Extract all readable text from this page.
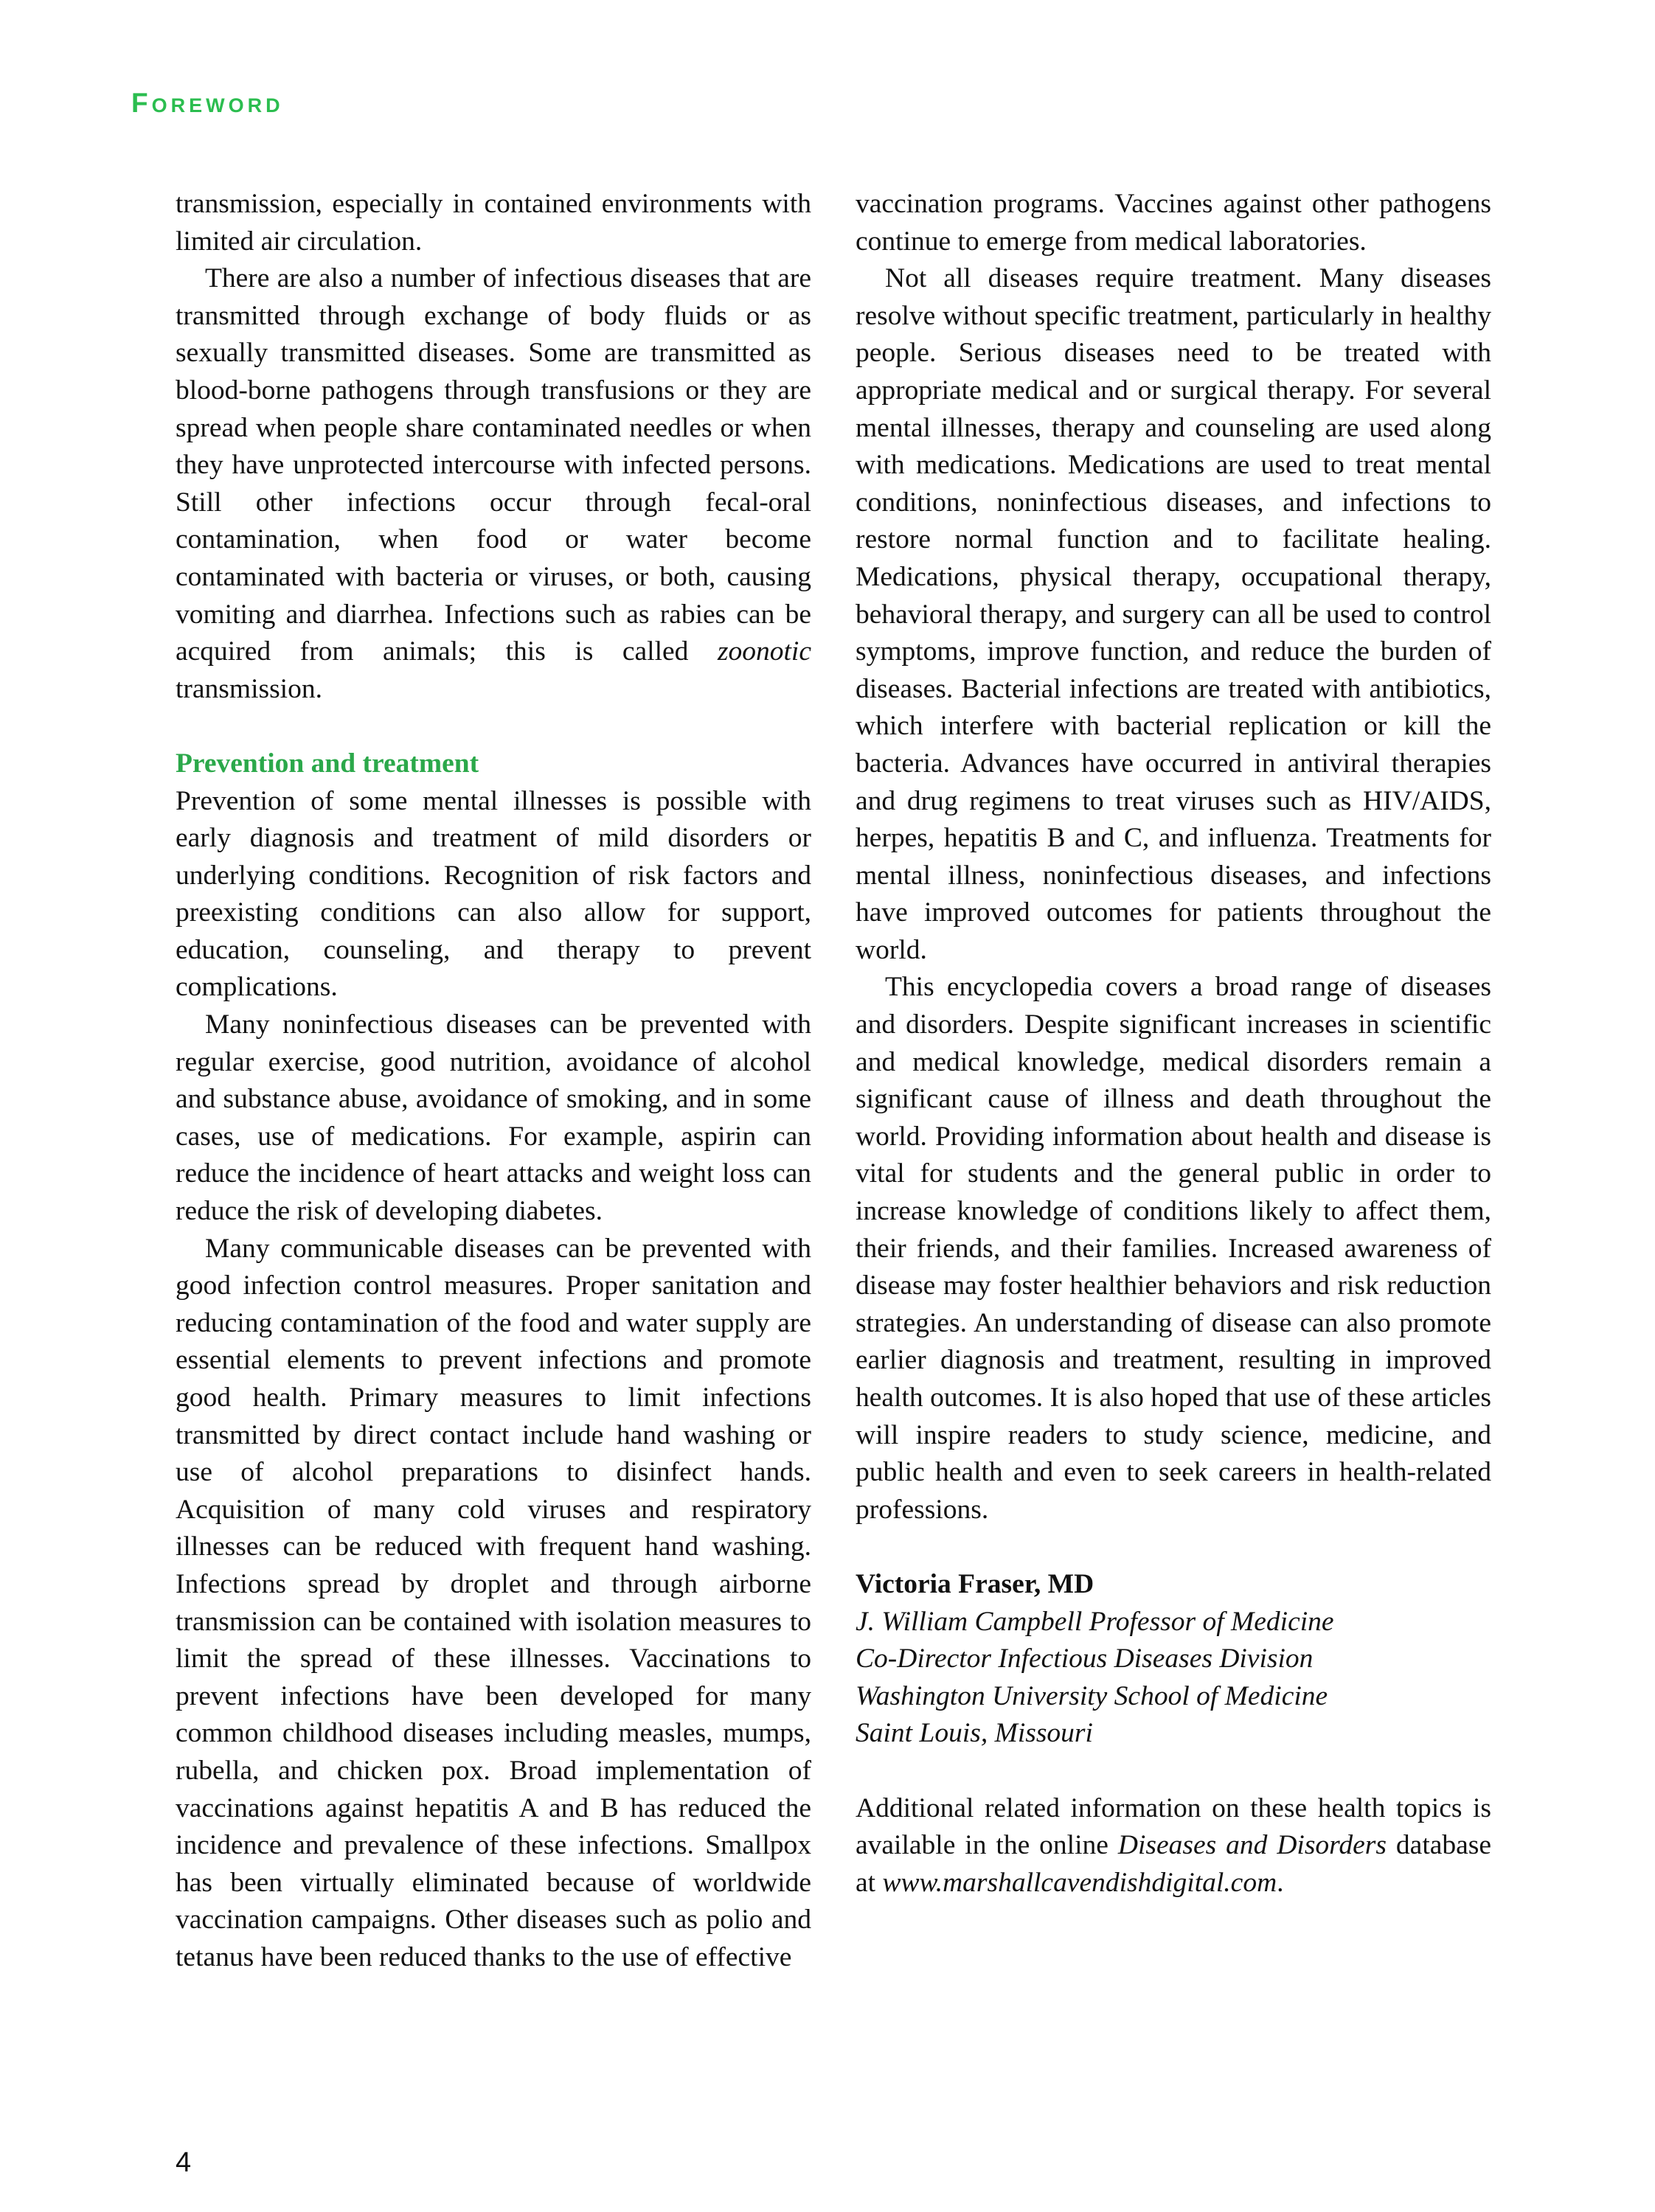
FOREWORD

transmission, especially in contained environments with limited air circulation.

There are also a number of infectious diseases that are transmitted through exchange of body fluids or as sexually transmitted diseases. Some are transmitted as blood-borne pathogens through transfusions or they are spread when people share contaminated needles or when they have unprotected intercourse with infected persons. Still other infections occur through fecal-oral contamination, when food or water become contaminated with bacteria or viruses, or both, causing vomiting and diarrhea. Infections such as rabies can be acquired from animals; this is called zoonotic transmission.

Prevention and treatment

Prevention of some mental illnesses is possible with early diagnosis and treatment of mild disorders or underlying conditions. Recognition of risk factors and preexisting conditions can also allow for support, education, counseling, and therapy to prevent complications.

Many noninfectious diseases can be prevented with regular exercise, good nutrition, avoidance of alcohol and substance abuse, avoidance of smoking, and in some cases, use of medications. For example, aspirin can reduce the incidence of heart attacks and weight loss can reduce the risk of developing diabetes.

Many communicable diseases can be prevented with good infection control measures. Proper sanitation and reducing contamination of the food and water supply are essential elements to prevent infections and promote good health. Primary measures to limit infections transmitted by direct contact include hand washing or use of alcohol preparations to disinfect hands. Acquisition of many cold viruses and respiratory illnesses can be reduced with frequent hand washing. Infections spread by droplet and through airborne transmission can be contained with isolation measures to limit the spread of these illnesses. Vaccinations to prevent infections have been developed for many common childhood diseases including measles, mumps, rubella, and chicken pox. Broad implementation of vaccinations against hepatitis A and B has reduced the incidence and prevalence of these infections. Smallpox has been virtually eliminated because of worldwide vaccination campaigns. Other diseases such as polio and tetanus have been reduced thanks to the use of effective

vaccination programs. Vaccines against other pathogens continue to emerge from medical laboratories.

Not all diseases require treatment. Many diseases resolve without specific treatment, particularly in healthy people. Serious diseases need to be treated with appropriate medical and or surgical therapy. For several mental illnesses, therapy and counseling are used along with medications. Medications are used to treat mental conditions, noninfectious diseases, and infections to restore normal function and to facilitate healing. Medications, physical therapy, occupational therapy, behavioral therapy, and surgery can all be used to control symptoms, improve function, and reduce the burden of diseases. Bacterial infections are treated with antibiotics, which interfere with bacterial replication or kill the bacteria. Advances have occurred in antiviral therapies and drug regimens to treat viruses such as HIV/AIDS, herpes, hepatitis B and C, and influenza. Treatments for mental illness, noninfectious diseases, and infections have improved outcomes for patients throughout the world.

This encyclopedia covers a broad range of diseases and disorders. Despite significant increases in scientific and medical knowledge, medical disorders remain a significant cause of illness and death throughout the world. Providing information about health and disease is vital for students and the general public in order to increase knowledge of conditions likely to affect them, their friends, and their families. Increased awareness of disease may foster healthier behaviors and risk reduction strategies. An understanding of disease can also promote earlier diagnosis and treatment, resulting in improved health outcomes. It is also hoped that use of these articles will inspire readers to study science, medicine, and public health and even to seek careers in health-related professions.

Victoria Fraser, MD

J. William Campbell Professor of Medicine

Co-Director Infectious Diseases Division

Washington University School of Medicine

Saint Louis, Missouri

Additional related information on these health topics is available in the online Diseases and Disorders database at www.marshallcavendishdigital.com.

4
